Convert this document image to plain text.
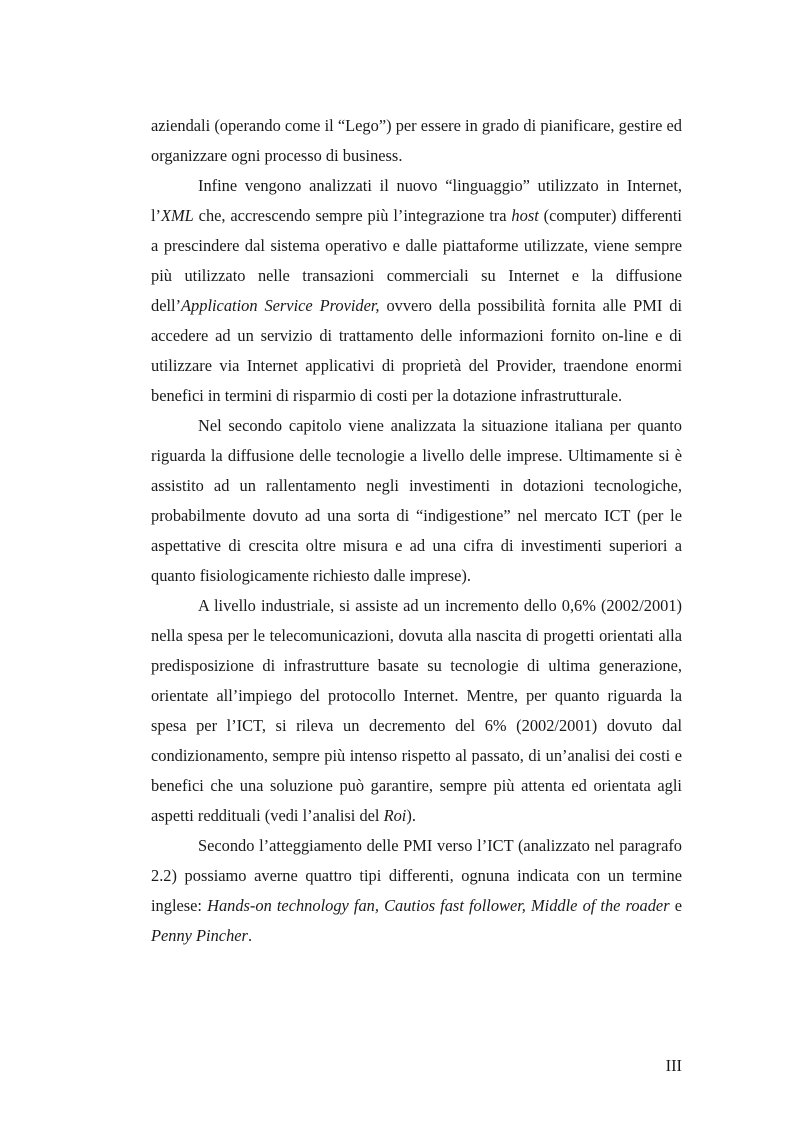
aziendali (operando come il “Lego”) per essere in grado di pianificare, gestire ed organizzare ogni processo di business.

Infine vengono analizzati il nuovo “linguaggio” utilizzato in Internet, l’XML che, accrescendo sempre più l’integrazione tra host (computer) differenti a prescindere dal sistema operativo e dalle piattaforme utilizzate, viene sempre più utilizzato nelle transazioni commerciali su Internet e la diffusione dell’Application Service Provider, ovvero della possibilità fornita alle PMI di accedere ad un servizio di trattamento delle informazioni fornito on-line e di utilizzare via Internet applicativi di proprietà del Provider, traendone enormi benefici in termini di risparmio di costi per la dotazione infrastrutturale.

Nel secondo capitolo viene analizzata la situazione italiana per quanto riguarda la diffusione delle tecnologie a livello delle imprese. Ultimamente si è assistito ad un rallentamento negli investimenti in dotazioni tecnologiche, probabilmente dovuto ad una sorta di “indigestione” nel mercato ICT (per le aspettative di crescita oltre misura e ad una cifra di investimenti superiori a quanto fisiologicamente richiesto dalle imprese).

A livello industriale, si assiste ad un incremento dello 0,6% (2002/2001) nella spesa per le telecomunicazioni, dovuta alla nascita di progetti orientati alla predisposizione di infrastrutture basate su tecnologie di ultima generazione, orientate all’impiego del protocollo Internet. Mentre, per quanto riguarda la spesa per l’ICT, si rileva un decremento del 6% (2002/2001) dovuto dal condizionamento, sempre più intenso rispetto al passato, di un’analisi dei costi e benefici che una soluzione può garantire, sempre più attenta ed orientata agli aspetti reddituali (vedi l’analisi del Roi).

Secondo l’atteggiamento delle PMI verso l’ICT (analizzato nel paragrafo 2.2) possiamo averne quattro tipi differenti, ognuna indicata con un termine inglese: Hands-on technology fan, Cautios fast follower, Middle of the roader e Penny Pincher.

III
